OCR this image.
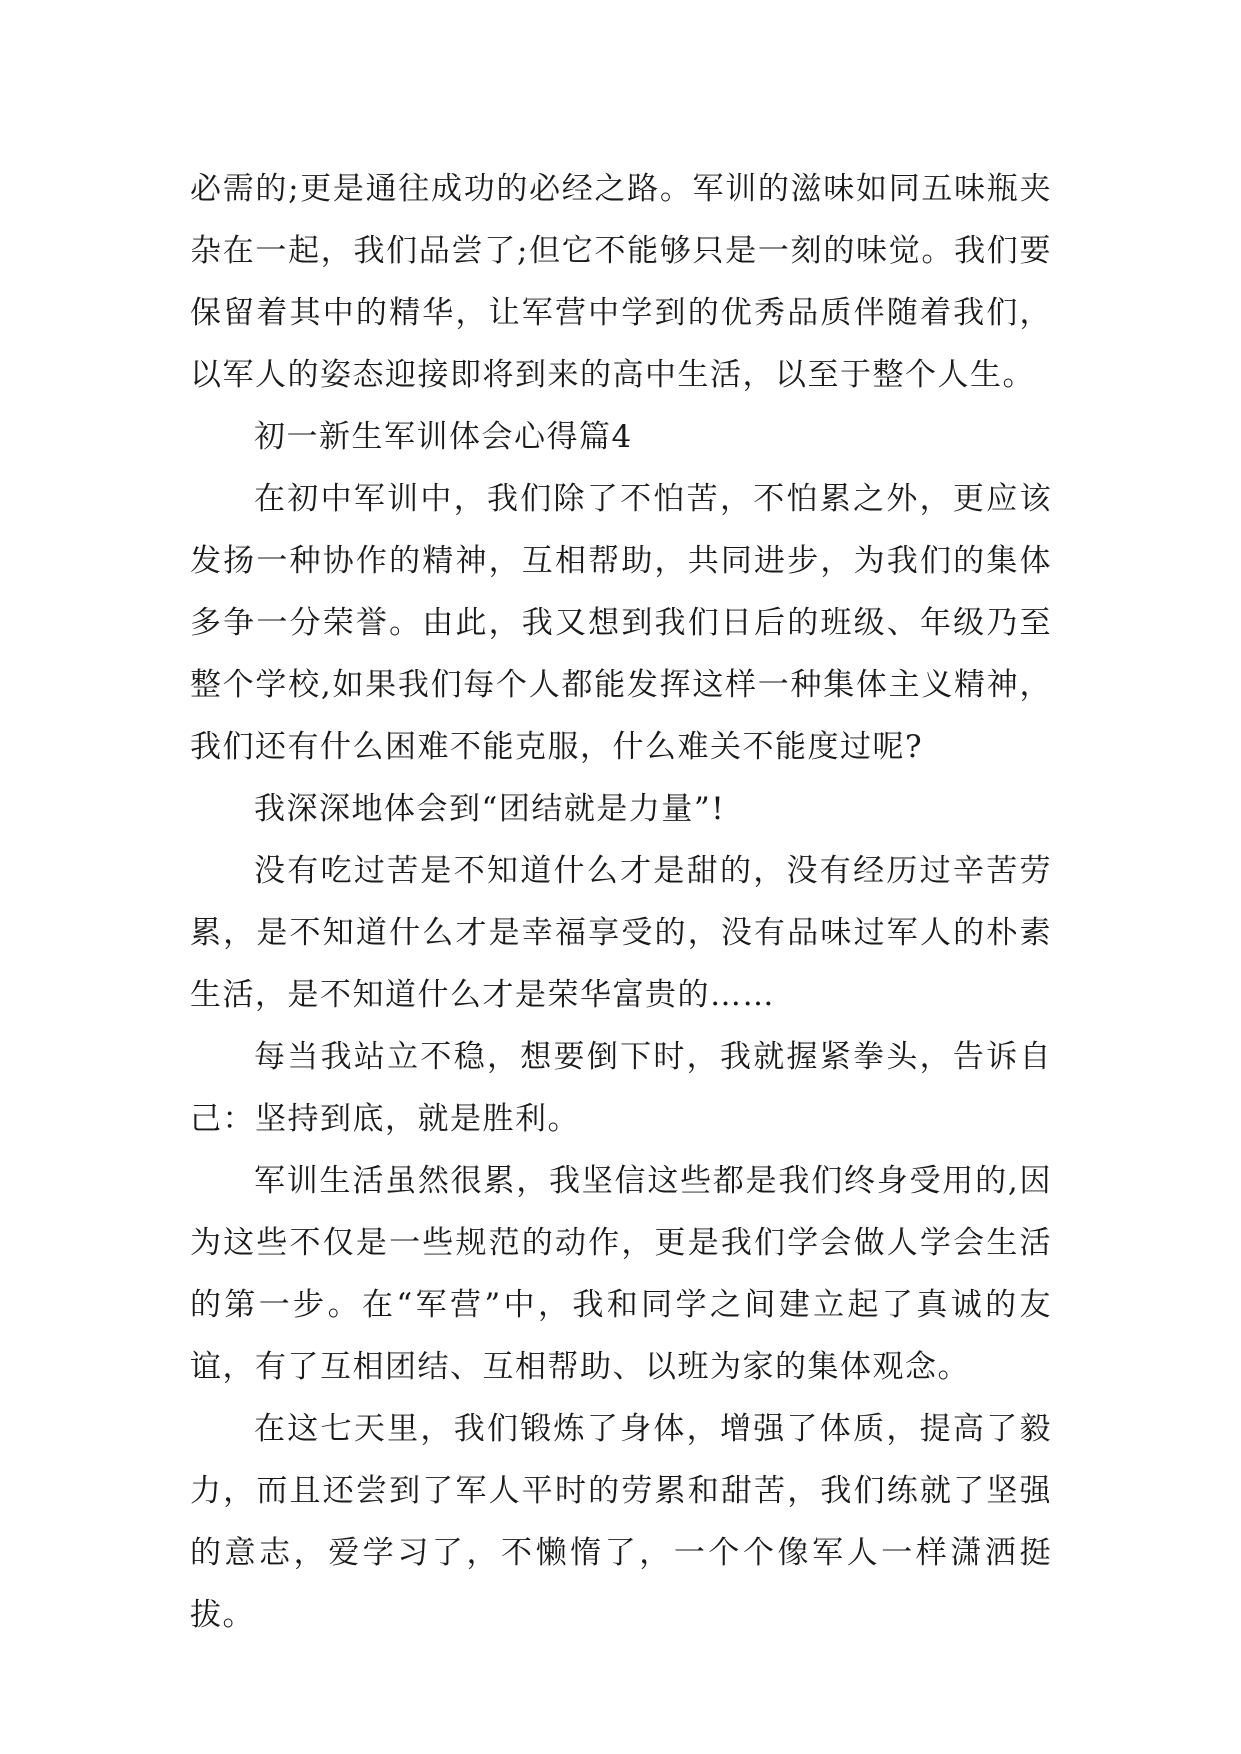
必需的;更是通往成功的必经之路。军训的滋味如同五味瓶夹杂在一起，我们品尝了;但它不能够只是一刻的味觉。我们要保留着其中的精华，让军营中学到的优秀品质伴随着我们，以军人的姿态迎接即将到来的高中生活，以至于整个人生。

初一新生军训体会心得篇4

在初中军训中，我们除了不怕苦，不怕累之外，更应该发扬一种协作的精神，互相帮助，共同进步，为我们的集体多争一分荣誉。由此，我又想到我们日后的班级、年级乃至整个学校,如果我们每个人都能发挥这样一种集体主义精神，我们还有什么困难不能克服，什么难关不能度过呢?

我深深地体会到“团结就是力量”!

没有吃过苦是不知道什么才是甜的，没有经历过辛苦劳累，是不知道什么才是幸福享受的，没有品味过军人的朴素生活，是不知道什么才是荣华富贵的……

每当我站立不稳，想要倒下时，我就握紧拳头，告诉自己：坚持到底，就是胜利。

军训生活虽然很累，我坚信这些都是我们终身受用的,因为这些不仅是一些规范的动作，更是我们学会做人学会生活的第一步。在“军营”中，我和同学之间建立起了真诚的友谊，有了互相团结、互相帮助、以班为家的集体观念。

在这七天里，我们锻炼了身体，增强了体质，提高了毅力，而且还尝到了军人平时的劳累和甜苦，我们练就了坚强的意志，爱学习了，不懒惰了，一个个像军人一样潇洒挺拔。
